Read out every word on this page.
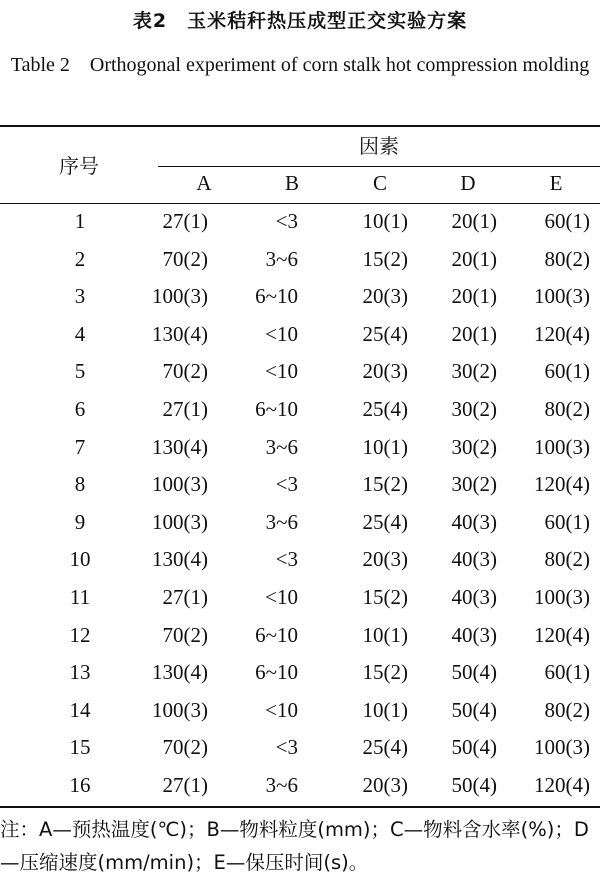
表2　玉米秸秆热压成型正交实验方案
Table 2　Orthogonal experiment of corn stalk hot compression molding
序号
因素
A	B	C	D	E
1	27(1)	<3	10(1) 20(1) 60(1)
2	70(2)	3~6	15(2) 20(1) 80(2)
3	100(3) 6~10	20(3) 20(1) 100(3)
4	130(4)	<10	25(4) 20(1) 120(4)
5	70(2)	<10	20(3) 30(2) 60(1)
6	27(1) 6~10	25(4) 30(2) 80(2)
7	130(4)	3~6	10(1) 30(2) 100(3)
8	100(3)	<3	15(2) 30(2) 120(4)
9	100(3)	3~6	25(4) 40(3) 60(1)
10	130(4)	<3	20(3) 40(3) 80(2)
11	27(1)	<10	15(2) 40(3) 100(3)
12	70(2) 6~10	10(1) 40(3) 120(4)
13	130(4) 6~10	15(2) 50(4) 60(1)
14	100(3)	<10	10(1) 50(4) 80(2)
15	70(2)	<3	25(4) 50(4) 100(3)
16	27(1)	3~6	20(3) 50(4) 120(4)
注：A—预热温度(℃)；B—物料粒度(mm)；C—物料含水率(%)；D—压缩速度(mm/min)；E—保压时间(s)。
